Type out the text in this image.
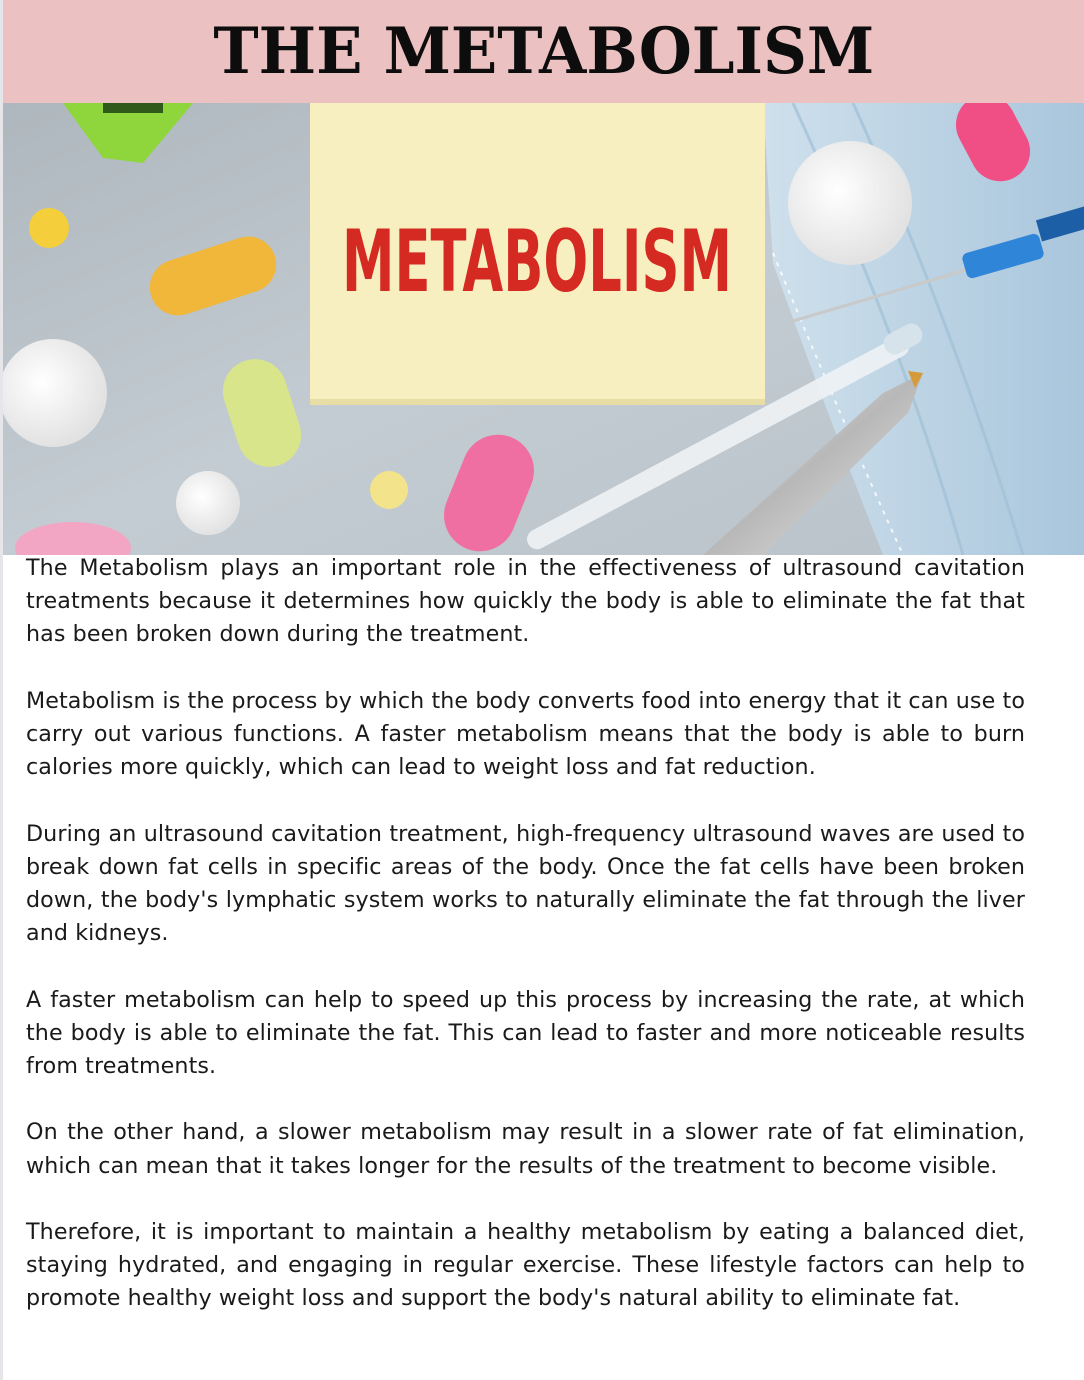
THE METABOLISM
METABOLISM

The Metabolism plays an important role in the effectiveness of ultrasound cavitation treatments because it determines how quickly the body is able to eliminate the fat that has been broken down during the treatment.

Metabolism is the process by which the body converts food into energy that it can use to carry out various functions. A faster metabolism means that the body is able to burn calories more quickly, which can lead to weight loss and fat reduction.

During an ultrasound cavitation treatment, high-frequency ultrasound waves are used to break down fat cells in specific areas of the body. Once the fat cells have been broken down, the body's lymphatic system works to naturally eliminate the fat through the liver and kidneys.

A faster metabolism can help to speed up this process by increasing the rate, at which the body is able to eliminate the fat. This can lead to faster and more noticeable results from treatments.

On the other hand, a slower metabolism may result in a slower rate of fat elimination, which can mean that it takes longer for the results of the treatment to become visible.

Therefore, it is important to maintain a healthy metabolism by eating a balanced diet, staying hydrated, and engaging in regular exercise. These lifestyle factors can help to promote healthy weight loss and support the body's natural ability to eliminate fat.
